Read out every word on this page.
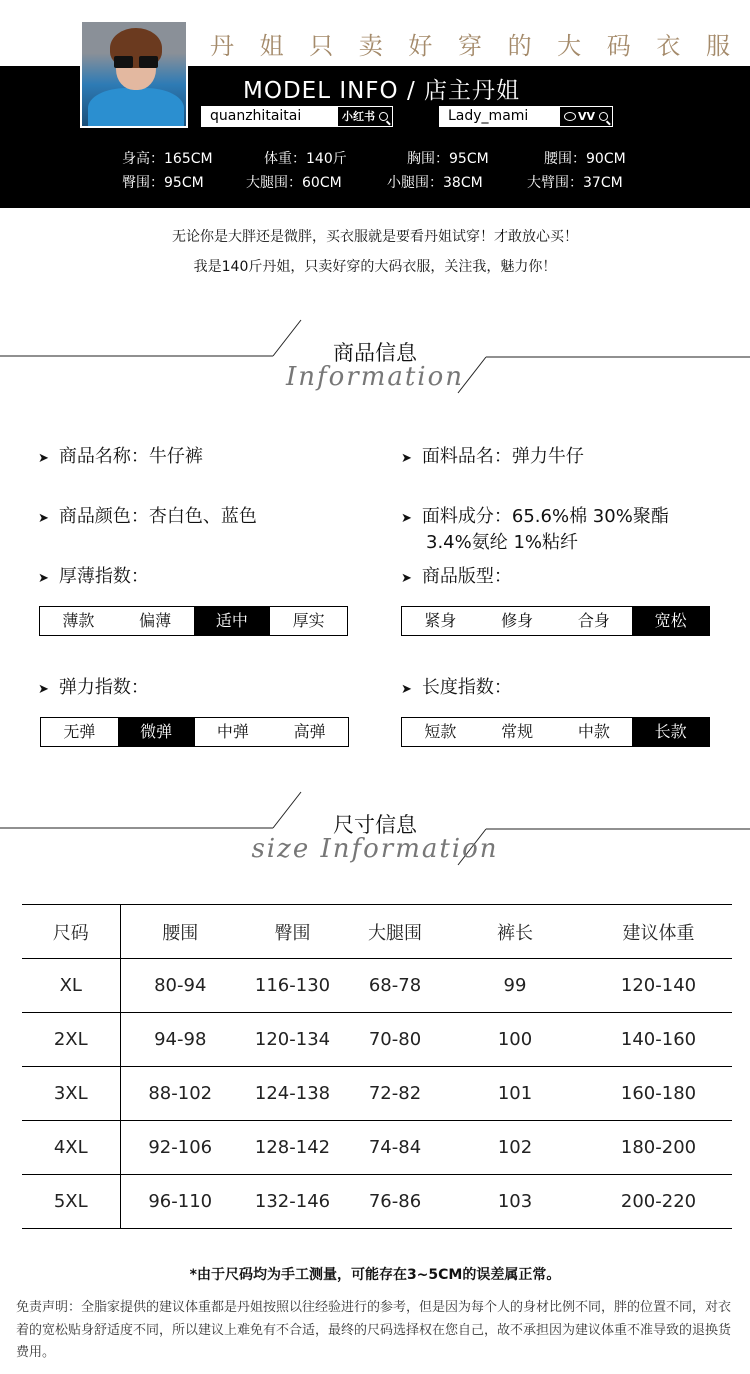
丹 姐 只 卖 好 穿 的 大 码 衣 服
MODEL INFO / 店主丹姐
quanzhitaitai	小红书	Lady_mami	VV
身高：165CM	体重：140斤	胸围：95CM	腰围：90CM
臀围：95CM	大腿围：60CM	小腿围：38CM	大臂围：37CM
无论你是大胖还是微胖，买衣服就是要看丹姐试穿！才敢放心买！
我是140斤丹姐，只卖好穿的大码衣服，关注我，魅力你！
商品信息
Information
➤ 商品名称：牛仔裤	➤ 面料品名：弹力牛仔
➤ 商品颜色：杏白色、蓝色	➤ 面料成分：65.6%棉 30%聚酯
3.4%氨纶 1%粘纤
➤ 厚薄指数：	➤ 商品版型：
薄款	偏薄	适中	厚实	紧身	修身	合身	宽松
➤ 弹力指数：	➤ 长度指数：
无弹	微弹	中弹	高弹	短款	常规	中款	长款
尺寸信息
size Information
尺码	腰围	臀围	大腿围	裤长	建议体重
XL	80-94	116-130	68-78	99	120-140
2XL	94-98	120-134	70-80	100	140-160
3XL	88-102	124-138	72-82	101	160-180
4XL	92-106	128-142	74-84	102	180-200
5XL	96-110	132-146	76-86	103	200-220
*由于尺码均为手工测量，可能存在3~5CM的误差属正常。
免责声明：全脂家提供的建议体重都是丹姐按照以往经验进行的参考，但是因为每个人的身材比例不同，胖的位置不同，对衣着的宽松贴身舒适度不同，所以建议上难免有不合适，最终的尺码选择权在您自己，故不承担因为建议体重不准导致的退换货费用。
